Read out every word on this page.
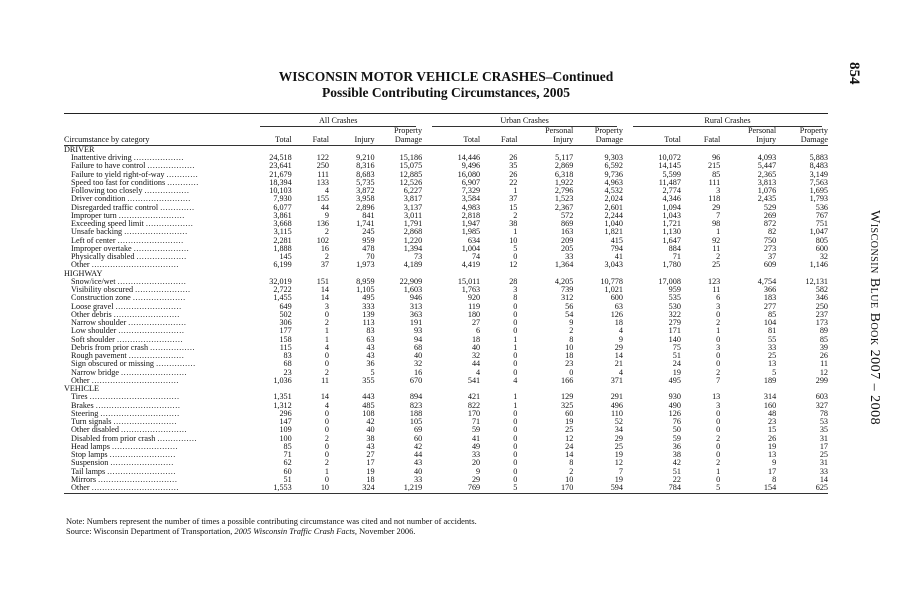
854
Wisconsin Blue Book 2007 – 2008
WISCONSIN MOTOR VEHICLE CRASHES–Continued
Possible Contributing Circumstances, 2005

	All Crashes				Urban Crashes				Rural Crashes			

				Property			Personal	Property			Personal	Property
Circumstance by category	Total	Fatal	Injury	Damage	Total	Fatal	Injury	Damage	Total	Fatal	Injury	Damage
DRIVER												
Inattentive driving ...................	24,518	122	9,210	15,186	14,446	26	5,117	9,303	10,072	96	4,093	5,883
Failure to have control ..................	23,641	250	8,316	15,075	9,496	35	2,869	6,592	14,145	215	5,447	8,483
Failure to yield right-of-way ............	21,679	111	8,683	12,885	16,080	26	6,318	9,736	5,599	85	2,365	3,149
Speed too fast for conditions ............	18,394	133	5,735	12,526	6,907	22	1,922	4,963	11,487	111	3,813	7,563
Following too closely .................	10,103	4	3,872	6,227	7,329	1	2,796	4,532	2,774	3	1,076	1,695
Driver condition ........................	7,930	155	3,958	3,817	3,584	37	1,523	2,024	4,346	118	2,435	1,793
Disregarded traffic control .............	6,077	44	2,896	3,137	4,983	15	2,367	2,601	1,094	29	529	536
Improper turn .........................	3,861	9	841	3,011	2,818	2	572	2,244	1,043	7	269	767
Exceeding speed limit ..................	3,668	136	1,741	1,791	1,947	38	869	1,040	1,721	98	872	751
Unsafe backing ........................	3,115	2	245	2,868	1,985	1	163	1,821	1,130	1	82	1,047
Left of center .........................	2,281	102	959	1,220	634	10	209	415	1,647	92	750	805
Improper overtake .....................	1,888	16	478	1,394	1,004	5	205	794	884	11	273	600
Physically disabled ...................	145	2	70	73	74	0	33	41	71	2	37	32
Other .................................	6,199	37	1,973	4,189	4,419	12	1,364	3,043	1,780	25	609	1,146
HIGHWAY												
Snow/ice/wet ..........................	32,019	151	8,959	22,909	15,011	28	4,205	10,778	17,008	123	4,754	12,131
Visibility obscured .....................	2,722	14	1,105	1,603	1,763	3	739	1,021	959	11	366	582
Construction zone ....................	1,455	14	495	946	920	8	312	600	535	6	183	346
Loose gravel .........................	649	3	333	313	119	0	56	63	530	3	277	250
Other debris .........................	502	0	139	363	180	0	54	126	322	0	85	237
Narrow shoulder ......................	306	2	113	191	27	0	9	18	279	2	104	173
Low shoulder .........................	177	1	83	93	6	0	2	4	171	1	81	89
Soft shoulder .........................	158	1	63	94	18	1	8	9	140	0	55	85
Debris from prior crash .................	115	4	43	68	40	1	10	29	75	3	33	39
Rough pavement .....................	83	0	43	40	32	0	18	14	51	0	25	26
Sign obscured or missing ...............	68	0	36	32	44	0	23	21	24	0	13	11
Narrow bridge .........................	23	2	5	16	4	0	0	4	19	2	5	12
Other .................................	1,036	11	355	670	541	4	166	371	495	7	189	299
VEHICLE												
Tires ..................................	1,351	14	443	894	421	1	129	291	930	13	314	603
Brakes ................................	1,312	4	485	823	822	1	325	496	490	3	160	327
Steering ..............................	296	0	108	188	170	0	60	110	126	0	48	78
Turn signals ........................	147	0	42	105	71	0	19	52	76	0	23	53
Other disabled .........................	109	0	40	69	59	0	25	34	50	0	15	35
Disabled from prior crash ...............	100	2	38	60	41	0	12	29	59	2	26	31
Head lamps .........................	85	0	43	42	49	0	24	25	36	0	19	17
Stop lamps .........................	71	0	27	44	33	0	14	19	38	0	13	25
Suspension ........................	62	2	17	43	20	0	8	12	42	2	9	31
Tail lamps ..........................	60	1	19	40	9	0	2	7	51	1	17	33
Mirrors ..............................	51	0	18	33	29	0	10	19	22	0	8	14
Other .................................	1,553	10	324	1,219	769	5	170	594	784	5	154	625
Note: Numbers represent the number of times a possible contributing circumstance was cited and not number of accidents.
Source: Wisconsin Department of Transportation, 2005 Wisconsin Traffic Crash Facts, November 2006.
